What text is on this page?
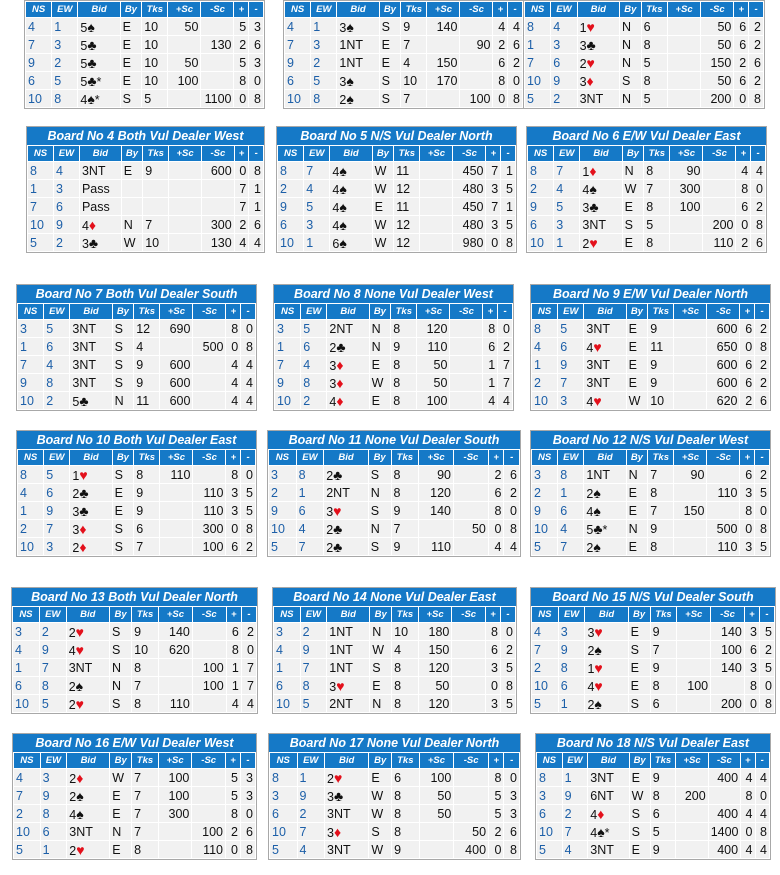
NS	EW	Bid	By	Tks	+Sc	-Sc	+	-
4	1	5♠	E	10	50		5	3
7	3	5♣	E	10		130	2	6
9	2	5♣	E	10	50		5	3
6	5	5♣*	E	10	100		8	0
10	8	4♠*	S	5		1100	0	8
NS	EW	Bid	By	Tks	+Sc	-Sc	+	-
4	1	3♠	S	9	140		4	4
7	3	1NT	E	7		90	2	6
9	2	1NT	E	4	150		6	2
6	5	3♠	S	10	170		8	0
10	8	2♠	S	7		100	0	8
NS	EW	Bid	By	Tks	+Sc	-Sc	+	-
8	4	1♥	N	6		50	6	2
1	3	3♣	N	8		50	6	2
7	6	2♥	N	5		150	2	6
10	9	3♦	S	8		50	6	2
5	2	3NT	N	5		200	0	8
Board No 4 Both Vul Dealer West
NS	EW	Bid	By	Tks	+Sc	-Sc	+	-
8	4	3NT	E	9		600	0	8
1	3	Pass					7	1
7	6	Pass					7	1
10	9	4♦	N	7		300	2	6
5	2	3♣	W	10		130	4	4
Board No 5 N/S Vul Dealer North
NS	EW	Bid	By	Tks	+Sc	-Sc	+	-
8	7	4♠	W	11		450	7	1
2	4	4♠	W	12		480	3	5
9	5	4♠	E	11		450	7	1
6	3	4♠	W	12		480	3	5
10	1	6♠	W	12		980	0	8
Board No 6 E/W Vul Dealer East
NS	EW	Bid	By	Tks	+Sc	-Sc	+	-
8	7	1♦	N	8	90		4	4
2	4	4♠	W	7	300		8	0
9	5	3♣	E	8	100		6	2
6	3	3NT	S	5		200	0	8
10	1	2♥	E	8		110	2	6
Board No 7 Both Vul Dealer South
NS	EW	Bid	By	Tks	+Sc	-Sc	+	-
3	5	3NT	S	12	690		8	0
1	6	3NT	S	4		500	0	8
7	4	3NT	S	9	600		4	4
9	8	3NT	S	9	600		4	4
10	2	5♣	N	11	600		4	4
Board No 8 None Vul Dealer West
NS	EW	Bid	By	Tks	+Sc	-Sc	+	-
3	5	2NT	N	8	120		8	0
1	6	2♣	N	9	110		6	2
7	4	3♦	E	8	50		1	7
9	8	3♦	W	8	50		1	7
10	2	4♦	E	8	100		4	4
Board No 9 E/W Vul Dealer North
NS	EW	Bid	By	Tks	+Sc	-Sc	+	-
8	5	3NT	E	9		600	6	2
4	6	4♥	E	11		650	0	8
1	9	3NT	E	9		600	6	2
2	7	3NT	E	9		600	6	2
10	3	4♥	W	10		620	2	6
Board No 10 Both Vul Dealer East
NS	EW	Bid	By	Tks	+Sc	-Sc	+	-
8	5	1♥	S	8	110		8	0
4	6	2♣	E	9		110	3	5
1	9	3♣	E	9		110	3	5
2	7	3♦	S	6		300	0	8
10	3	2♦	S	7		100	6	2
Board No 11 None Vul Dealer South
NS	EW	Bid	By	Tks	+Sc	-Sc	+	-
3	8	2♣	S	8	90		2	6
2	1	2NT	N	8	120		6	2
9	6	3♥	S	9	140		8	0
10	4	2♣	N	7		50	0	8
5	7	2♣	S	9	110		4	4
Board No 12 N/S Vul Dealer West
NS	EW	Bid	By	Tks	+Sc	-Sc	+	-
3	8	1NT	N	7	90		6	2
2	1	2♠	E	8		110	3	5
9	6	4♠	E	7	150		8	0
10	4	5♣*	N	9		500	0	8
5	7	2♠	E	8		110	3	5
Board No 13 Both Vul Dealer North
NS	EW	Bid	By	Tks	+Sc	-Sc	+	-
3	2	2♥	S	9	140		6	2
4	9	4♥	S	10	620		8	0
1	7	3NT	N	8		100	1	7
6	8	2♠	N	7		100	1	7
10	5	2♥	S	8	110		4	4
Board No 14 None Vul Dealer East
NS	EW	Bid	By	Tks	+Sc	-Sc	+	-
3	2	1NT	N	10	180		8	0
4	9	1NT	W	4	150		6	2
1	7	1NT	S	8	120		3	5
6	8	3♥	E	8	50		0	8
10	5	2NT	N	8	120		3	5
Board No 15 N/S Vul Dealer South
NS	EW	Bid	By	Tks	+Sc	-Sc	+	-
4	3	3♥	E	9		140	3	5
7	9	2♠	S	7		100	6	2
2	8	1♥	E	9		140	3	5
10	6	4♥	E	8	100		8	0
5	1	2♠	S	6		200	0	8
Board No 16 E/W Vul Dealer West
NS	EW	Bid	By	Tks	+Sc	-Sc	+	-
4	3	2♦	W	7	100		5	3
7	9	2♠	E	7	100		5	3
2	8	4♠	E	7	300		8	0
10	6	3NT	N	7		100	2	6
5	1	2♥	E	8		110	0	8
Board No 17 None Vul Dealer North
NS	EW	Bid	By	Tks	+Sc	-Sc	+	-
8	1	2♥	E	6	100		8	0
3	9	3♣	W	8	50		5	3
6	2	3NT	W	8	50		5	3
10	7	3♦	S	8		50	2	6
5	4	3NT	W	9		400	0	8
Board No 18 N/S Vul Dealer East
NS	EW	Bid	By	Tks	+Sc	-Sc	+	-
8	1	3NT	E	9		400	4	4
3	9	6NT	W	8	200		8	0
6	2	4♦	S	6		400	4	4
10	7	4♠*	S	5		1400	0	8
5	4	3NT	E	9		400	4	4
